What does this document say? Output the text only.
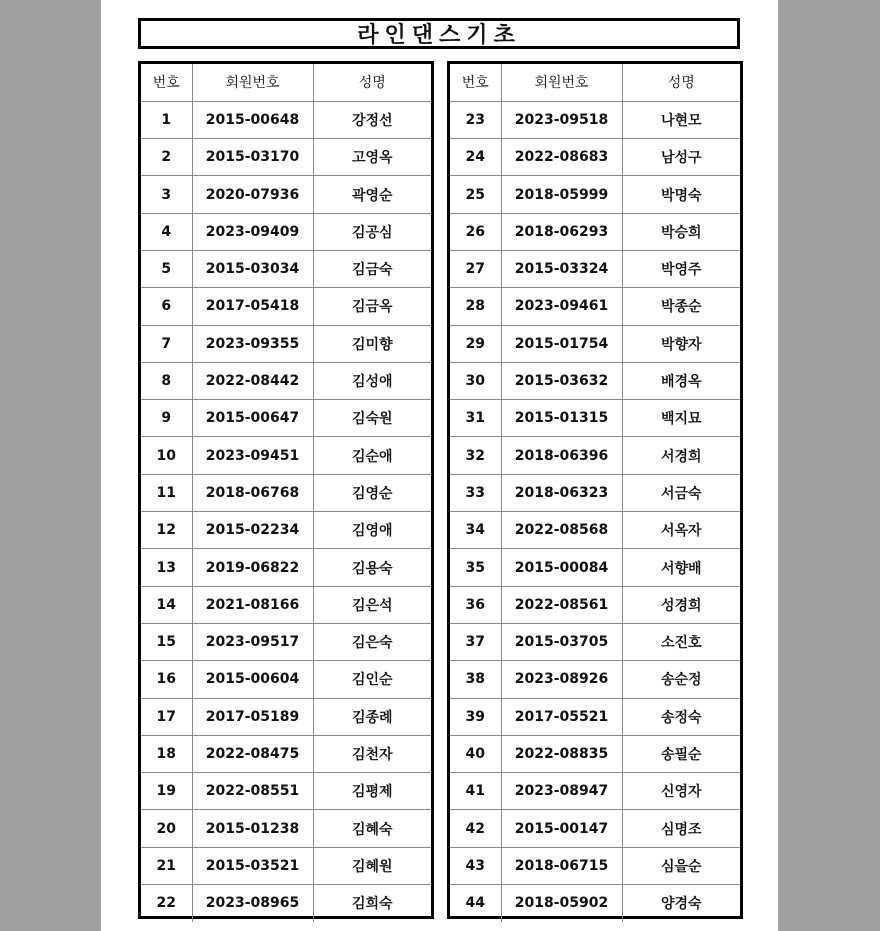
라인댄스기초
번호	회원번호	성명
1	2015-00648	강정선
2	2015-03170	고영옥
3	2020-07936	곽영순
4	2023-09409	김공심
5	2015-03034	김금숙
6	2017-05418	김금옥
7	2023-09355	김미향
8	2022-08442	김성애
9	2015-00647	김숙원
10	2023-09451	김순애
11	2018-06768	김영순
12	2015-02234	김영애
13	2019-06822	김용숙
14	2021-08166	김은석
15	2023-09517	김은숙
16	2015-00604	김인순
17	2017-05189	김종례
18	2022-08475	김천자
19	2022-08551	김평제
20	2015-01238	김혜숙
21	2015-03521	김혜원
22	2023-08965	김희숙
번호	회원번호	성명
23	2023-09518	나현모
24	2022-08683	남성구
25	2018-05999	박명숙
26	2018-06293	박승희
27	2015-03324	박영주
28	2023-09461	박종순
29	2015-01754	박향자
30	2015-03632	배경옥
31	2015-01315	백지묘
32	2018-06396	서경희
33	2018-06323	서금숙
34	2022-08568	서옥자
35	2015-00084	서향배
36	2022-08561	성경희
37	2015-03705	소진호
38	2023-08926	송순정
39	2017-05521	송정숙
40	2022-08835	송필순
41	2023-08947	신영자
42	2015-00147	심명조
43	2018-06715	심을순
44	2018-05902	양경숙
